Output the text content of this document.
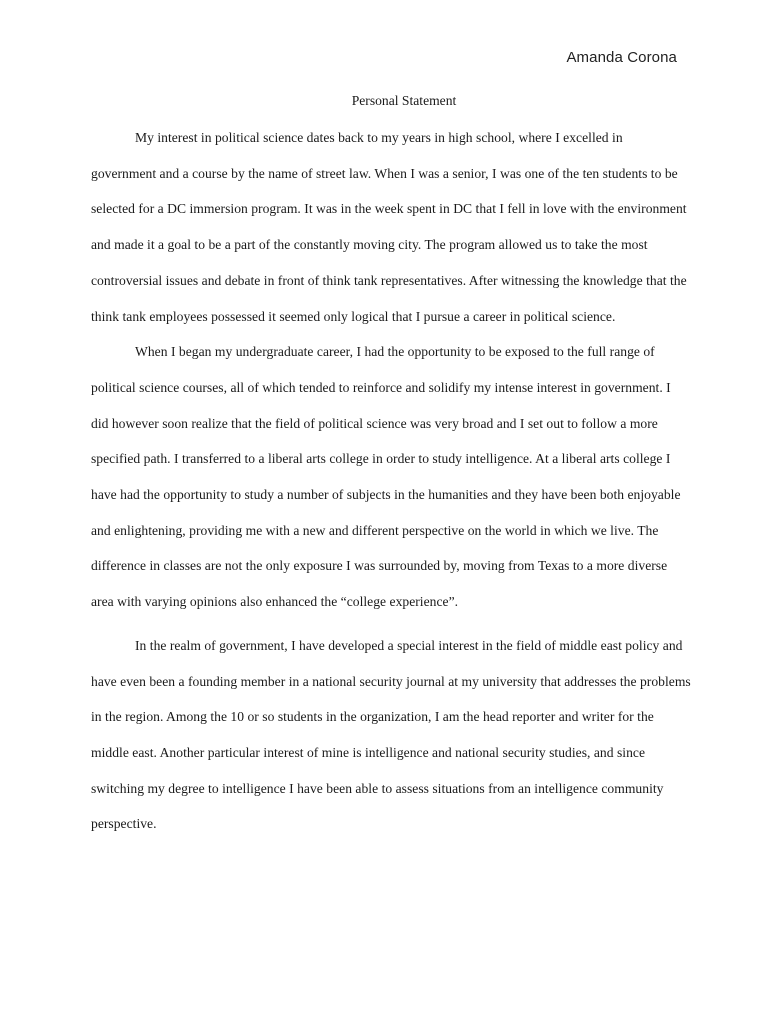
Amanda Corona
Personal Statement

My interest in political science dates back to my years in high school, where I excelled in government and a course by the name of street law. When I was a senior, I was one of the ten students to be selected for a DC immersion program. It was in the week spent in DC that I fell in love with the environment and made it a goal to be a part of the constantly moving city. The program allowed us to take the most controversial issues and debate in front of think tank representatives. After witnessing the knowledge that the think tank employees possessed it seemed only logical that I pursue a career in political science.

When I began my undergraduate career, I had the opportunity to be exposed to the full range of political science courses, all of which tended to reinforce and solidify my intense interest in government. I did however soon realize that the field of political science was very broad and I set out to follow a more specified path. I transferred to a liberal arts college in order to study intelligence. At a liberal arts college I have had the opportunity to study a number of subjects in the humanities and they have been both enjoyable and enlightening, providing me with a new and different perspective on the world in which we live. The difference in classes are not the only exposure I was surrounded by, moving from Texas to a more diverse area with varying opinions also enhanced the “college experience”.

In the realm of government, I have developed a special interest in the field of middle east policy and have even been a founding member in a national security journal at my university that addresses the problems in the region. Among the 10 or so students in the organization, I am the head reporter and writer for the middle east. Another particular interest of mine is intelligence and national security studies, and since switching my degree to intelligence I have been able to assess situations from an intelligence community perspective.
